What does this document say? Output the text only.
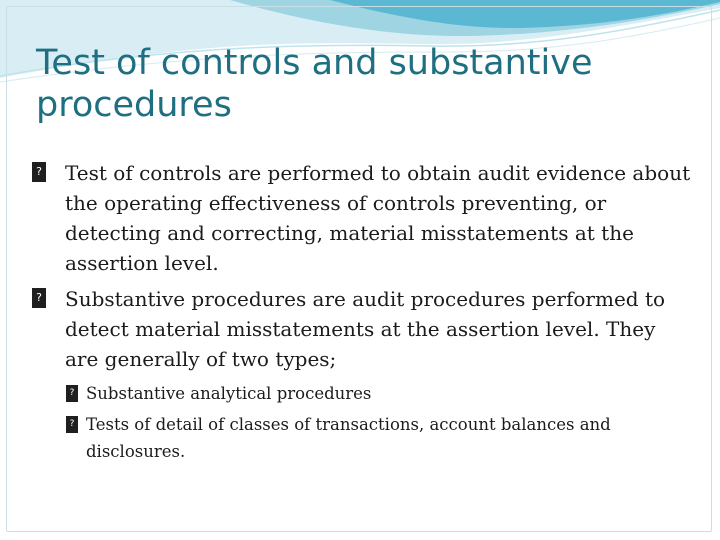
Test of controls and substantive procedures

? Test of controls are performed to obtain audit evidence about the operating effectiveness of controls preventing, or detecting and correcting, material misstatements at the assertion level.

? Substantive procedures are audit procedures performed to detect material misstatements at the assertion level. They are generally of two types;

? Substantive analytical procedures

? Tests of detail of classes of transactions, account balances and disclosures.
